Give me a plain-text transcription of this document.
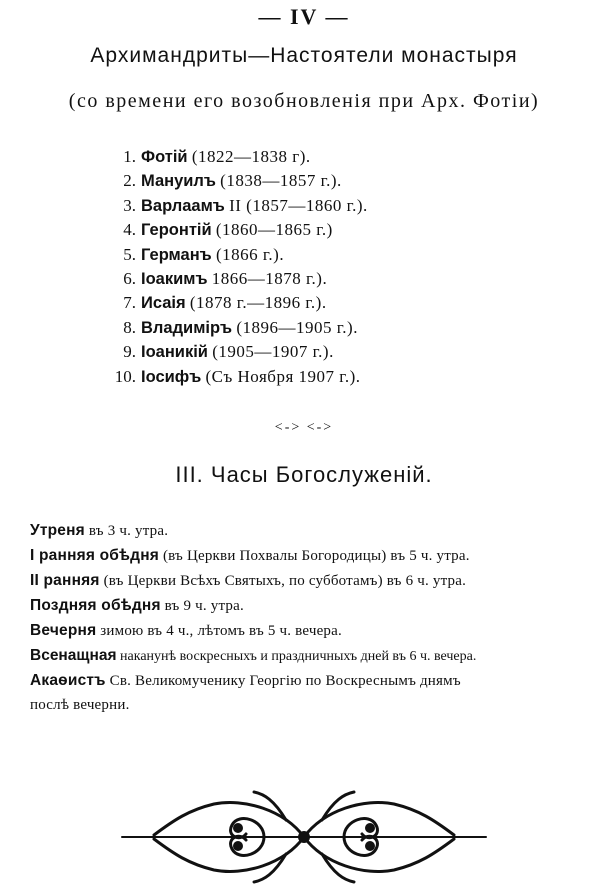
— IV —
Архимандриты—Настоятели монастыря
(со времени его возобновленія при Арх. Фотіи)
1. Фотій (1822—1838 г).
2. Мануилъ (1838—1857 г.).
3. Варлаамъ II (1857—1860 г.).
4. Геронтій (1860—1865 г.)
5. Германъ (1866 г.).
6. Іоакимъ 1866—1878 г.).
7. Исаія (1878 г.—1896 г.).
8. Владиміръ (1896—1905 г.).
9. Іоаникій (1905—1907 г.).
10. Іосифъ (Съ Ноября 1907 г.).
<-> <->
III. Часы Богослуженій.
Утреня въ 3 ч. утра.
I ранняя обѣдня (въ Церкви Похвалы Богородицы) въ 5 ч. утра.
II ранняя (въ Церкви Всѣхъ Святыхъ, по субботамъ) въ 6 ч. утра.
Поздняя обѣдня въ 9 ч. утра.
Вечерня зимою въ 4 ч., лѣтомъ въ 5 ч. вечера.
Всенащная наканунѣ воскресныхъ и праздничныхъ дней въ 6 ч. вечера.
Акаѳистъ Св. Великомученику Георгію по Воскреснымъ днямъ
послѣ вечерни.
